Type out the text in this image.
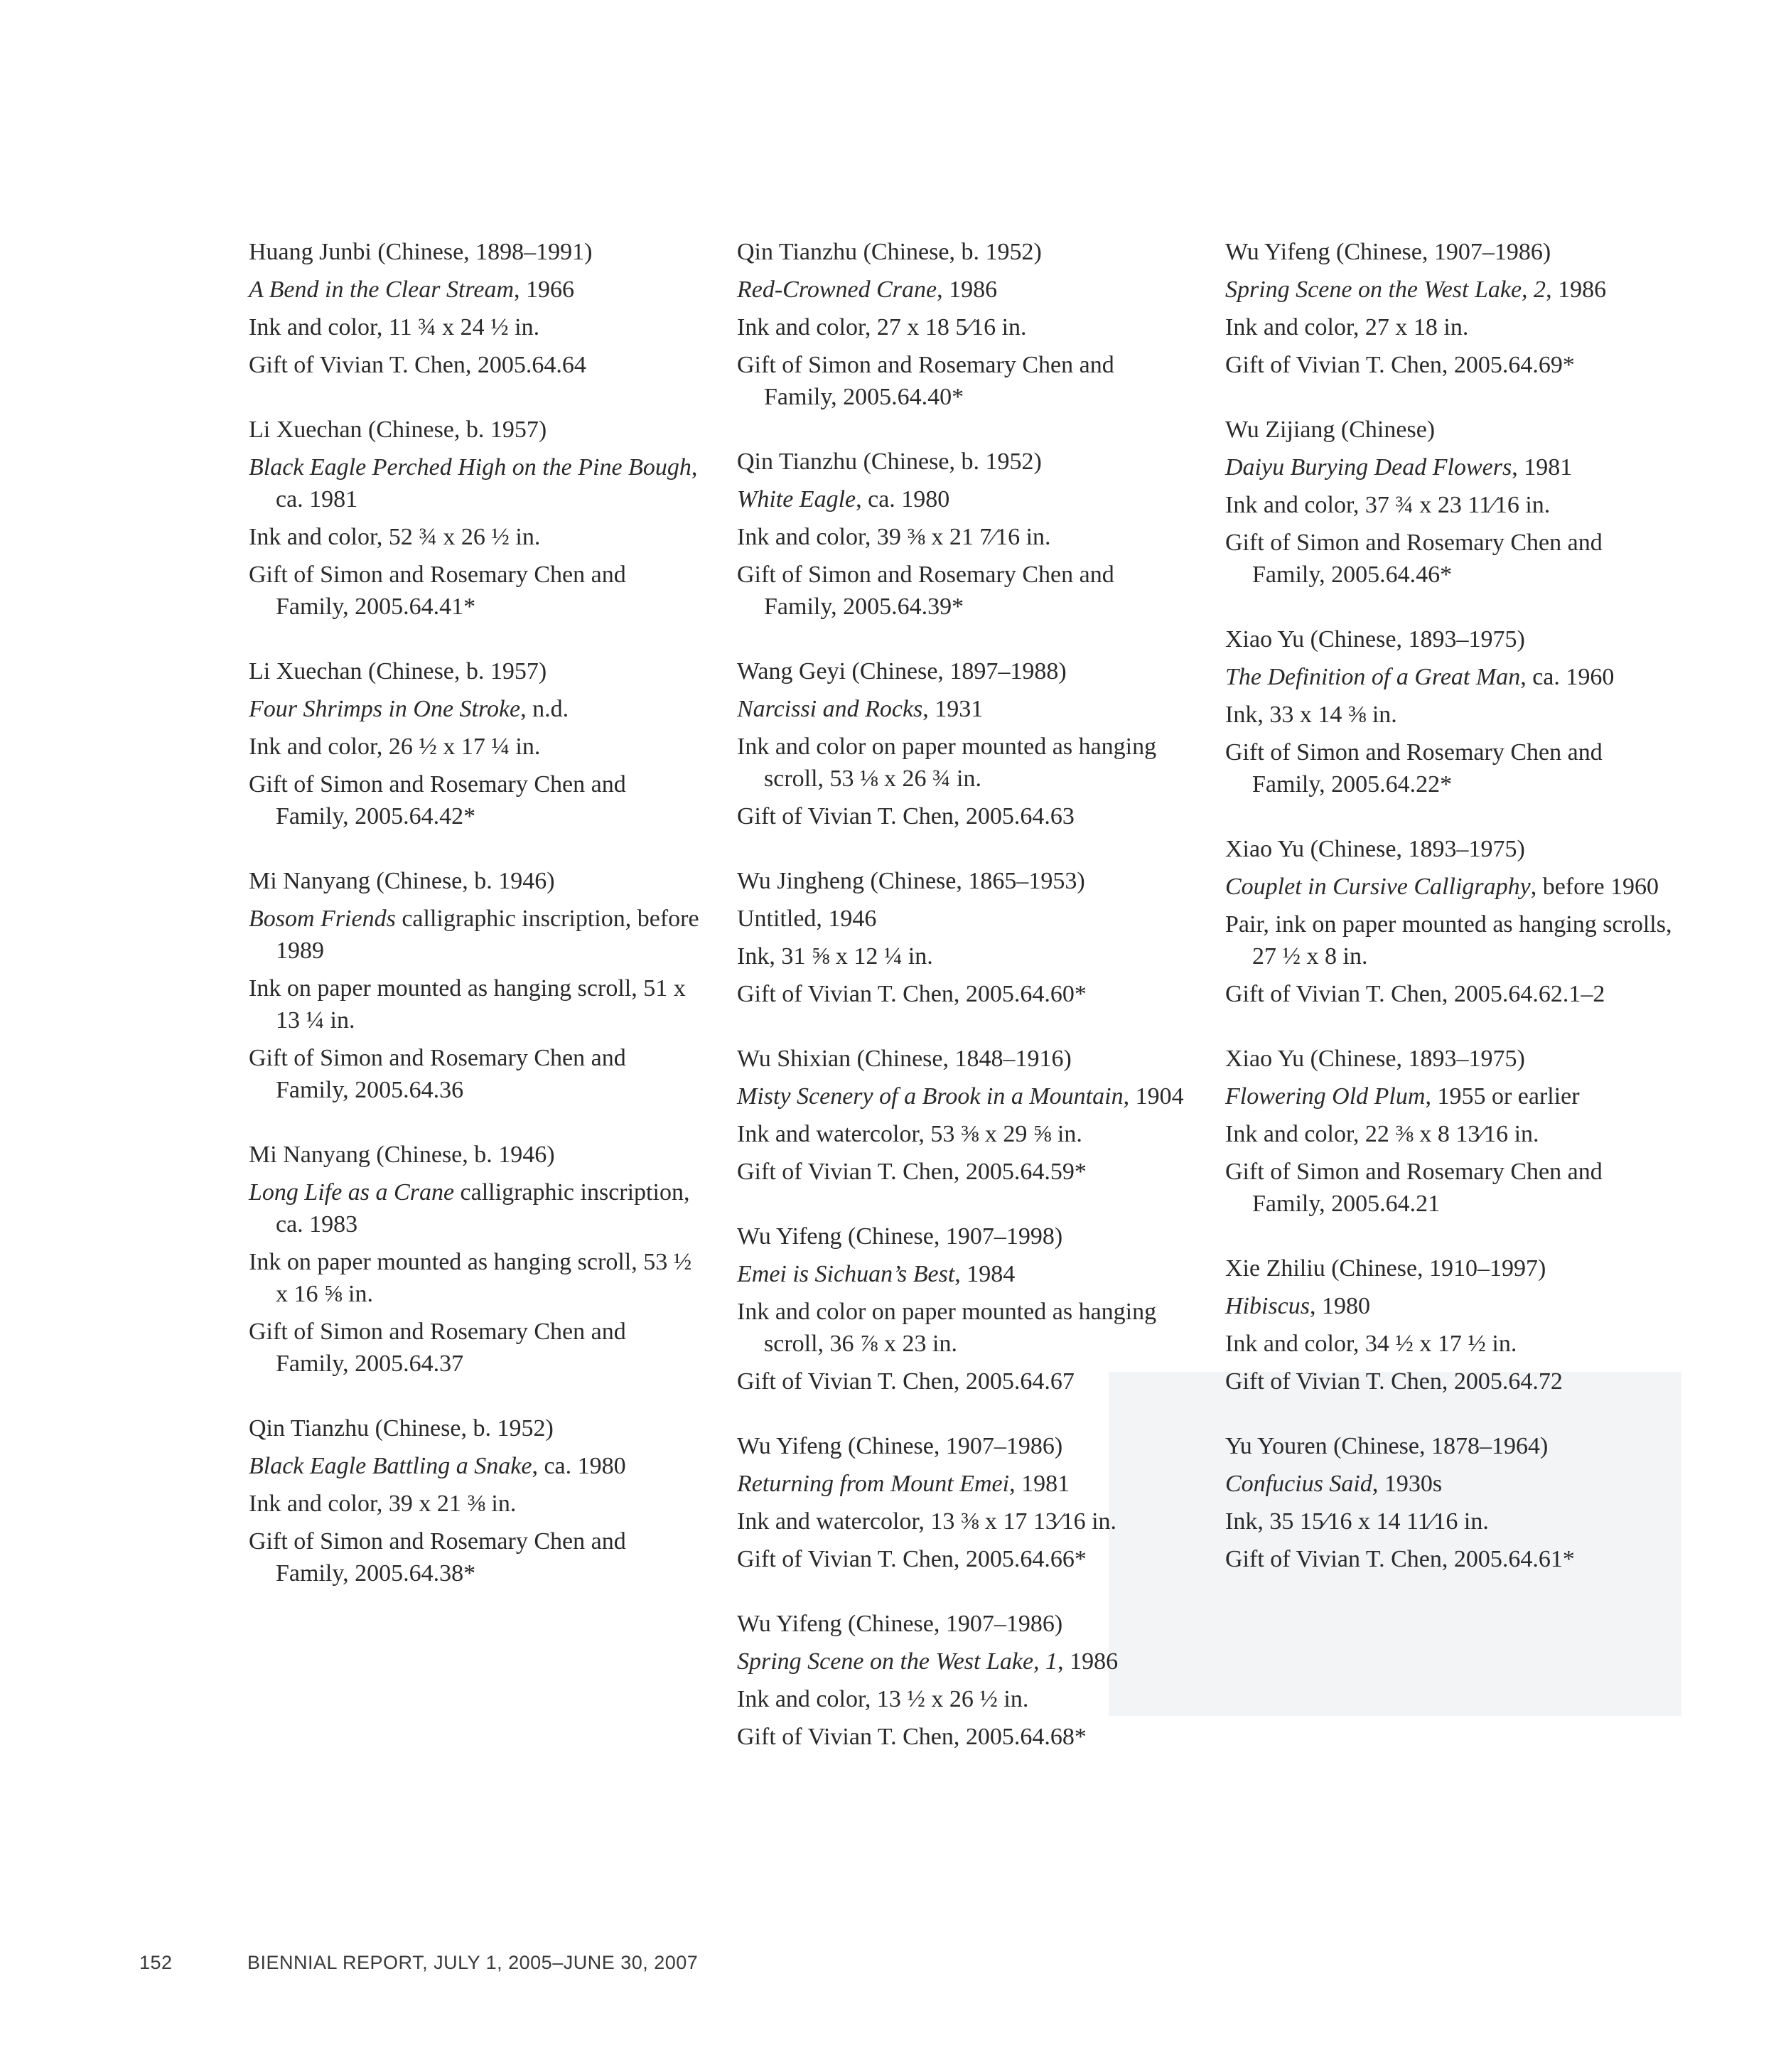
Huang Junbi (Chinese, 1898–1991)

A Bend in the Clear Stream, 1966

Ink and color, 11 ¾ x 24 ½ in.

Gift of Vivian T. Chen, 2005.64.64

Li Xuechan (Chinese, b. 1957)

Black Eagle Perched High on the Pine Bough, ca. 1981

Ink and color, 52 ¾ x 26 ½ in.

Gift of Simon and Rosemary Chen and Family, 2005.64.41*

Li Xuechan (Chinese, b. 1957)

Four Shrimps in One Stroke, n.d.

Ink and color, 26 ½ x 17 ¼ in.

Gift of Simon and Rosemary Chen and Family, 2005.64.42*

Mi Nanyang (Chinese, b. 1946)

Bosom Friends calligraphic inscription, before 1989

Ink on paper mounted as hanging scroll, 51 x 13 ¼ in.

Gift of Simon and Rosemary Chen and Family, 2005.64.36

Mi Nanyang (Chinese, b. 1946)

Long Life as a Crane calligraphic inscription, ca. 1983

Ink on paper mounted as hanging scroll, 53 ½ x 16 ⅝ in.

Gift of Simon and Rosemary Chen and Family, 2005.64.37

Qin Tianzhu (Chinese, b. 1952)

Black Eagle Battling a Snake, ca. 1980

Ink and color, 39 x 21 ⅜ in.

Gift of Simon and Rosemary Chen and Family, 2005.64.38*

Qin Tianzhu (Chinese, b. 1952)

Red-Crowned Crane, 1986

Ink and color, 27 x 18 5⁄16 in.

Gift of Simon and Rosemary Chen and Family, 2005.64.40*

Qin Tianzhu (Chinese, b. 1952)

White Eagle, ca. 1980

Ink and color, 39 ⅜ x 21 7⁄16 in.

Gift of Simon and Rosemary Chen and Family, 2005.64.39*

Wang Geyi (Chinese, 1897–1988)

Narcissi and Rocks, 1931

Ink and color on paper mounted as hanging scroll, 53 ⅛ x 26 ¾ in.

Gift of Vivian T. Chen, 2005.64.63

Wu Jingheng (Chinese, 1865–1953)

Untitled, 1946

Ink, 31 ⅝ x 12 ¼ in.

Gift of Vivian T. Chen, 2005.64.60*

Wu Shixian (Chinese, 1848–1916)

Misty Scenery of a Brook in a Mountain, 1904

Ink and watercolor, 53 ⅜ x 29 ⅝ in.

Gift of Vivian T. Chen, 2005.64.59*

Wu Yifeng (Chinese, 1907–1998)

Emei is Sichuan’s Best, 1984

Ink and color on paper mounted as hanging scroll, 36 ⅞ x 23 in.

Gift of Vivian T. Chen, 2005.64.67

Wu Yifeng (Chinese, 1907–1986)

Returning from Mount Emei, 1981

Ink and watercolor, 13 ⅜ x 17 13⁄16 in.

Gift of Vivian T. Chen, 2005.64.66*

Wu Yifeng (Chinese, 1907–1986)

Spring Scene on the West Lake, 1, 1986

Ink and color, 13 ½ x 26 ½ in.

Gift of Vivian T. Chen, 2005.64.68*

Wu Yifeng (Chinese, 1907–1986)

Spring Scene on the West Lake, 2, 1986

Ink and color, 27 x 18 in.

Gift of Vivian T. Chen, 2005.64.69*

Wu Zijiang (Chinese)

Daiyu Burying Dead Flowers, 1981

Ink and color, 37 ¾ x 23 11⁄16 in.

Gift of Simon and Rosemary Chen and Family, 2005.64.46*

Xiao Yu (Chinese, 1893–1975)

The Definition of a Great Man, ca. 1960

Ink, 33 x 14 ⅜ in.

Gift of Simon and Rosemary Chen and Family, 2005.64.22*

Xiao Yu (Chinese, 1893–1975)

Couplet in Cursive Calligraphy, before 1960

Pair, ink on paper mounted as hanging scrolls, 27 ½ x 8 in.

Gift of Vivian T. Chen, 2005.64.62.1–2

Xiao Yu (Chinese, 1893–1975)

Flowering Old Plum, 1955 or earlier

Ink and color, 22 ⅜ x 8 13⁄16 in.

Gift of Simon and Rosemary Chen and Family, 2005.64.21

Xie Zhiliu (Chinese, 1910–1997)

Hibiscus, 1980

Ink and color, 34 ½ x 17 ½ in.

Gift of Vivian T. Chen, 2005.64.72

Yu Youren (Chinese, 1878–1964)

Confucius Said, 1930s

Ink, 35 15⁄16 x 14 11⁄16 in.

Gift of Vivian T. Chen, 2005.64.61*

152	BIENNIAL REPORT, JULY 1, 2005–JUNE 30, 2007
